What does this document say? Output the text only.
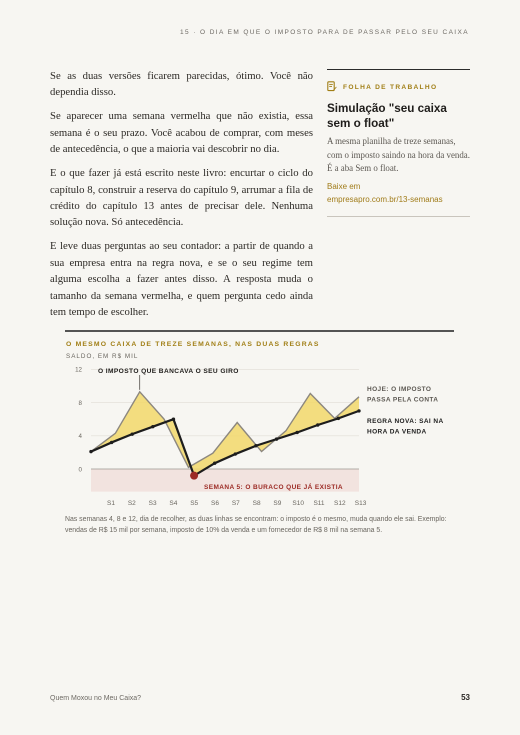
15 · O DIA EM QUE O IMPOSTO PARA DE PASSAR PELO SEU CAIXA

Se as duas versões ficarem parecidas, ótimo. Você não dependia disso.

Se aparecer uma semana vermelha que não existia, essa semana é o seu prazo. Você acabou de comprar, com meses de antecedência, o que a maioria vai descobrir no dia.

E o que fazer já está escrito neste livro: encurtar o ciclo do capítulo 8, construir a reserva do capítulo 9, arrumar a fila de crédito do capítulo 13 antes de precisar dele. Nenhuma solução nova. Só antecedência.

E leve duas perguntas ao seu contador: a partir de quando a sua empresa entra na regra nova, e se o seu regime tem alguma escolha a fazer antes disso. A resposta muda o tamanho da semana vermelha, e quem pergunta cedo ainda tem tempo de escolher.

FOLHA DE TRABALHO
Simulação "seu caixa sem o float"
A mesma planilha de treze semanas, com o imposto saindo na hora da venda. É a aba Sem o float.
Baixe em
empresapro.com.br/13-semanas
O MESMO CAIXA DE TREZE SEMANAS, NAS DUAS REGRAS
SALDO, EM R$ MIL
0
4
8
12
S1 S2 S3 S4 S5 S6 S7 S8 S9 S10 S11 S12 S13
O IMPOSTO QUE BANCAVA O SEU GIRO
SEMANA 5: O BURACO QUE JÁ EXISTIA
HOJE: O IMPOSTO PASSA PELA CONTA
REGRA NOVA: SAI NA HORA DA VENDA
Nas semanas 4, 8 e 12, dia de recolher, as duas linhas se encontram: o imposto é o mesmo, muda quando ele sai. Exemplo: vendas de R$ 15 mil por semana, imposto de 10% da venda e um fornecedor de R$ 8 mil na semana 5.
Quem Moxou no Meu Caixa?	53
